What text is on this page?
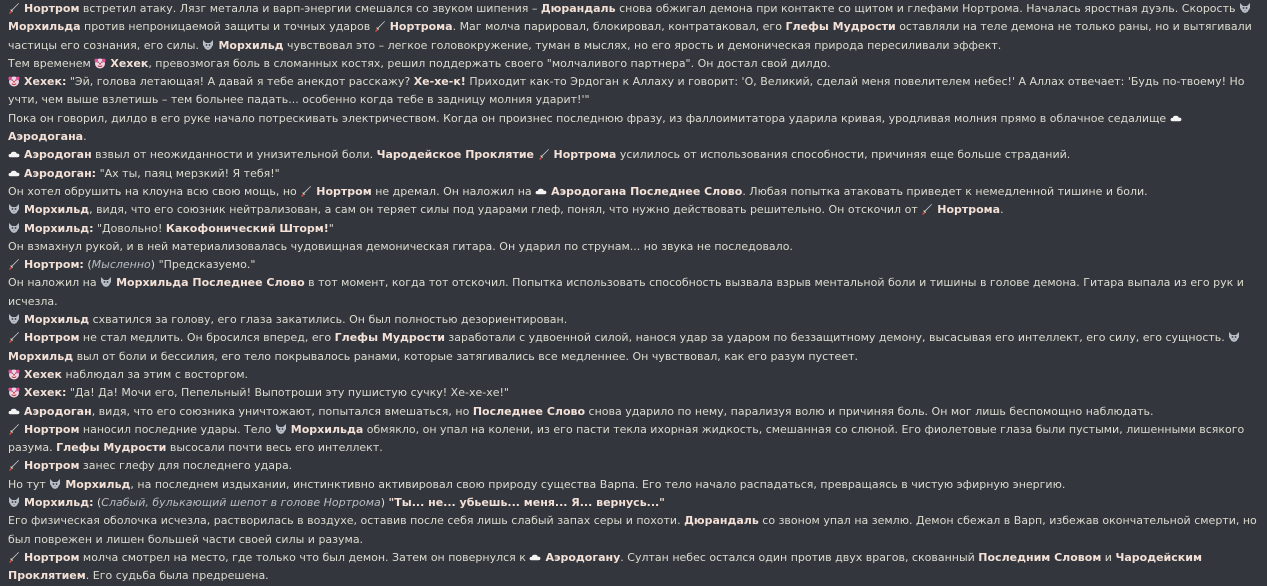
Нортром встретил атаку. Лязг металла и варп-энергии смешался со звуком шипения – Дюрандаль снова обжигал демона при контакте со щитом и глефами Нортрома. Началась яростная дуэль. Скорость
Морхильда против непроницаемой защиты и точных ударов
Нортрома. Маг молча парировал, блокировал, контратаковал, его Глефы Мудрости оставляли на теле демона не только раны, но и вытягивали частицы его сознания, его силы.
Морхильд чувствовал это – легкое головокружение, туман в мыслях, но его ярость и демоническая природа пересиливали эффект.
Тем временем
Хехек, превозмогая боль в сломанных костях, решил поддержать своего "молчаливого партнера". Он достал свой дилдо.
Хехек: "Эй, голова летающая! А давай я тебе анекдот расскажу? Хе-хе-к! Приходит как-то Эрдоган к Аллаху и говорит: 'О, Великий, сделай меня повелителем небес!' А Аллах отвечает: 'Будь по-твоему! Но учти, чем выше взлетишь – тем больнее падать... особенно когда тебе в задницу молния ударит!'"
Пока он говорил, дилдо в его руке начало потрескивать электричеством. Когда он произнес последнюю фразу, из фаллоимитатора ударила кривая, уродливая молния прямо в облачное седалище
Аэродогана.
Аэродоган взвыл от неожиданности и унизительной боли. Чародейское Проклятие Нортрома усилилось от использования способности, причиняя еще больше страданий.
Аэродоган: "Ах ты, паяц мерзкий! Я тебя!"
Он хотел обрушить на клоуна всю свою мощь, но
Нортром не дремал. Он наложил на
Аэродогана Последнее Слово. Любая попытка атаковать приведет к немедленной тишине и боли.
Морхильд, видя, что его союзник нейтрализован, а сам он теряет силы под ударами глеф, понял, что нужно действовать решительно. Он отскочил от
Нортрома.
Морхильд: "Довольно! Какофонический Шторм!"
Он взмахнул рукой, и в ней материализовалась чудовищная демоническая гитара. Он ударил по струнам... но звука не последовало.
Нортром: (Мысленно) "Предсказуемо."
Он наложил на
Морхильда Последнее Слово в тот момент, когда тот отскочил. Попытка использовать способность вызвала взрыв ментальной боли и тишины в голове демона. Гитара выпала из его рук и исчезла.
Морхильд схватился за голову, его глаза закатились. Он был полностью дезориентирован.
Нортром не стал медлить. Он бросился вперед, его Глефы Мудрости заработали с удвоенной силой, нанося удар за ударом по беззащитному демону, высасывая его интеллект, его силу, его сущность.
Морхильд выл от боли и бессилия, его тело покрывалось ранами, которые затягивались все медленнее. Он чувствовал, как его разум пустеет.
Хехек наблюдал за этим с восторгом.
Хехек: "Да! Да! Мочи его, Пепельный! Выпотроши эту пушистую сучку! Хе-хе-хе!"
Аэродоган, видя, что его союзника уничтожают, попытался вмешаться, но Последнее Слово снова ударило по нему, парализуя волю и причиняя боль. Он мог лишь беспомощно наблюдать.
Нортром наносил последние удары. Тело
Морхильда обмякло, он упал на колени, из его пасти текла ихорная жидкость, смешанная со слюной. Его фиолетовые глаза были пустыми, лишенными всякого разума. Глефы Мудрости высосали почти весь его интеллект.
Нортром занес глефу для последнего удара.
Но тут
Морхильд, на последнем издыхании, инстинктивно активировал свою природу существа Варпа. Его тело начало распадаться, превращаясь в чистую эфирную энергию.
Морхильд: (Слабый, булькающий шепот в голове Нортрома) "Ты... не... убьешь... меня... Я... вернусь..."
Его физическая оболочка исчезла, растворилась в воздухе, оставив после себя лишь слабый запах серы и похоти. Дюрандаль со звоном упал на землю. Демон сбежал в Варп, избежав окончательной смерти, но был поврежен и лишен большей части своей силы и разума.
Нортром молча смотрел на место, где только что был демон. Затем он повернулся к
Аэродогану. Султан небес остался один против двух врагов, скованный Последним Словом и Чародейским Проклятием. Его судьба была предрешена.
